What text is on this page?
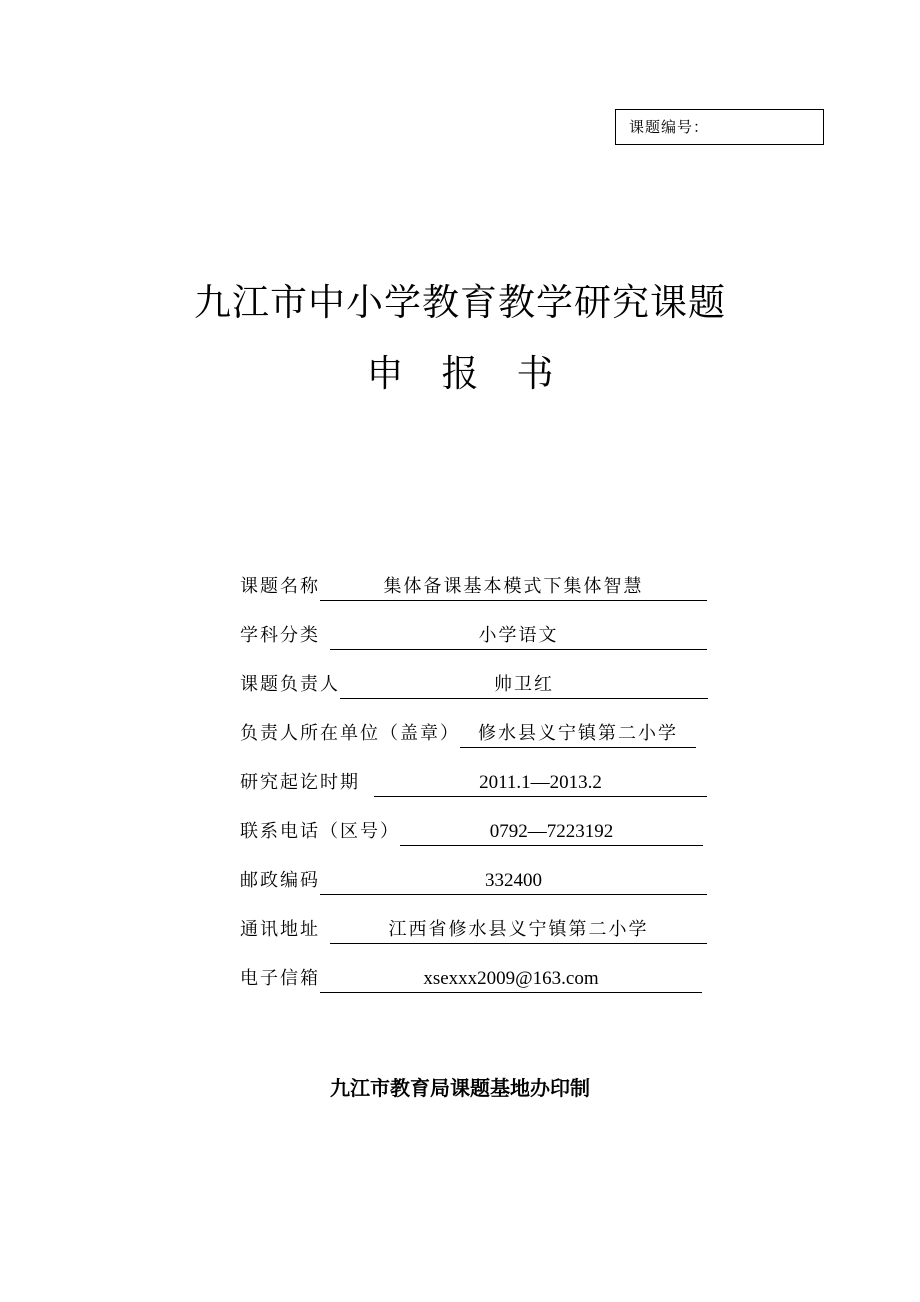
课题编号：
九江市中小学教育教学研究课题
申报书
课题名称	集体备课基本模式下集体智慧
学科分类	小学语文
课题负责人	帅卫红
负责人所在单位（盖章）	修水县义宁镇第二小学
研究起讫时期	2011.1—2013.2
联系电话（区号）	0792—7223192
邮政编码	332400
通讯地址	江西省修水县义宁镇第二小学
电子信箱	xsexxx2009@163.com
九江市教育局课题基地办印制
